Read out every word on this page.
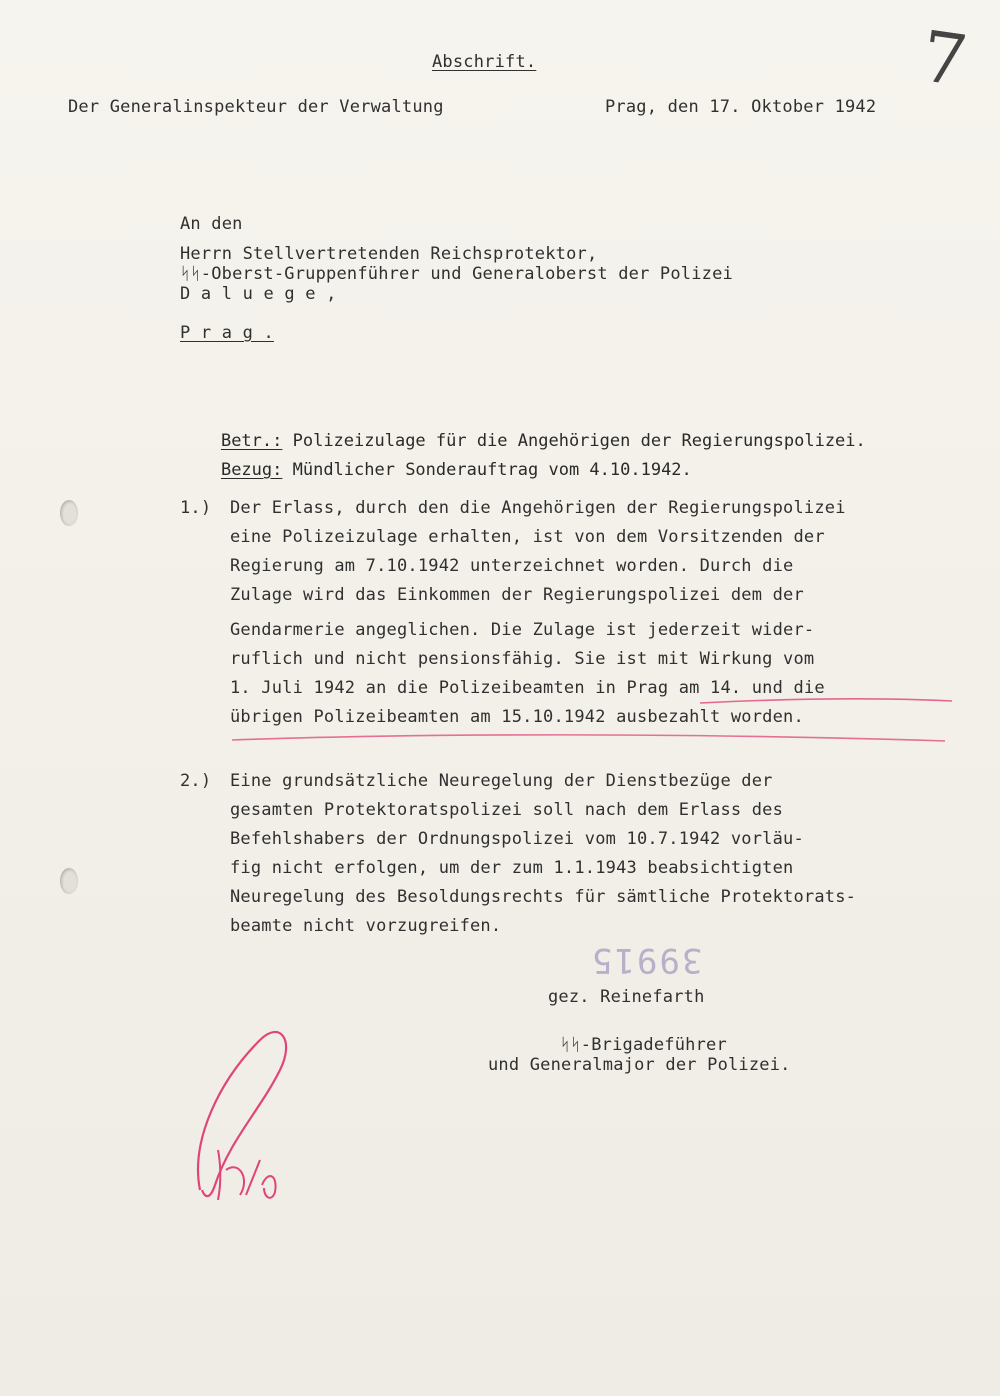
7
Abschrift.
Der Generalinspekteur der Verwaltung	Prag, den 17. Oktober 1942
An den
Herrn Stellvertretenden Reichsprotektor,
ᛋᛋ-Oberst-Gruppenführer und Generaloberst der Polizei
D a l u e g e ,
P r a g .

Betr.: Polizeizulage für die Angehörigen der Regierungspolizei.

Bezug: Mündlicher Sonderauftrag vom 4.10.1942.

1.) Der Erlass, durch den die Angehörigen der Regierungspolizei
eine Polizeizulage erhalten, ist von dem Vorsitzenden der
Regierung am 7.10.1942 unterzeichnet worden. Durch die
Zulage wird das Einkommen der Regierungspolizei dem der
Gendarmerie angeglichen. Die Zulage ist jederzeit wider-
ruflich und nicht pensionsfähig. Sie ist mit Wirkung vom
1. Juli 1942 an die Polizeibeamten in Prag am 14. und die
übrigen Polizeibeamten am 15.10.1942 ausbezahlt worden.
2.) Eine grundsätzliche Neuregelung der Dienstbezüge der
gesamten Protektoratspolizei soll nach dem Erlass des
Befehlshabers der Ordnungspolizei vom 10.7.1942 vorläu-
fig nicht erfolgen, um der zum 1.1.1943 beabsichtigten
Neuregelung des Besoldungsrechts für sämtliche Protektorats-
beamte nicht vorzugreifen.
39915
gez. Reinefarth
ᛋᛋ-Brigadeführer
und Generalmajor der Polizei.
